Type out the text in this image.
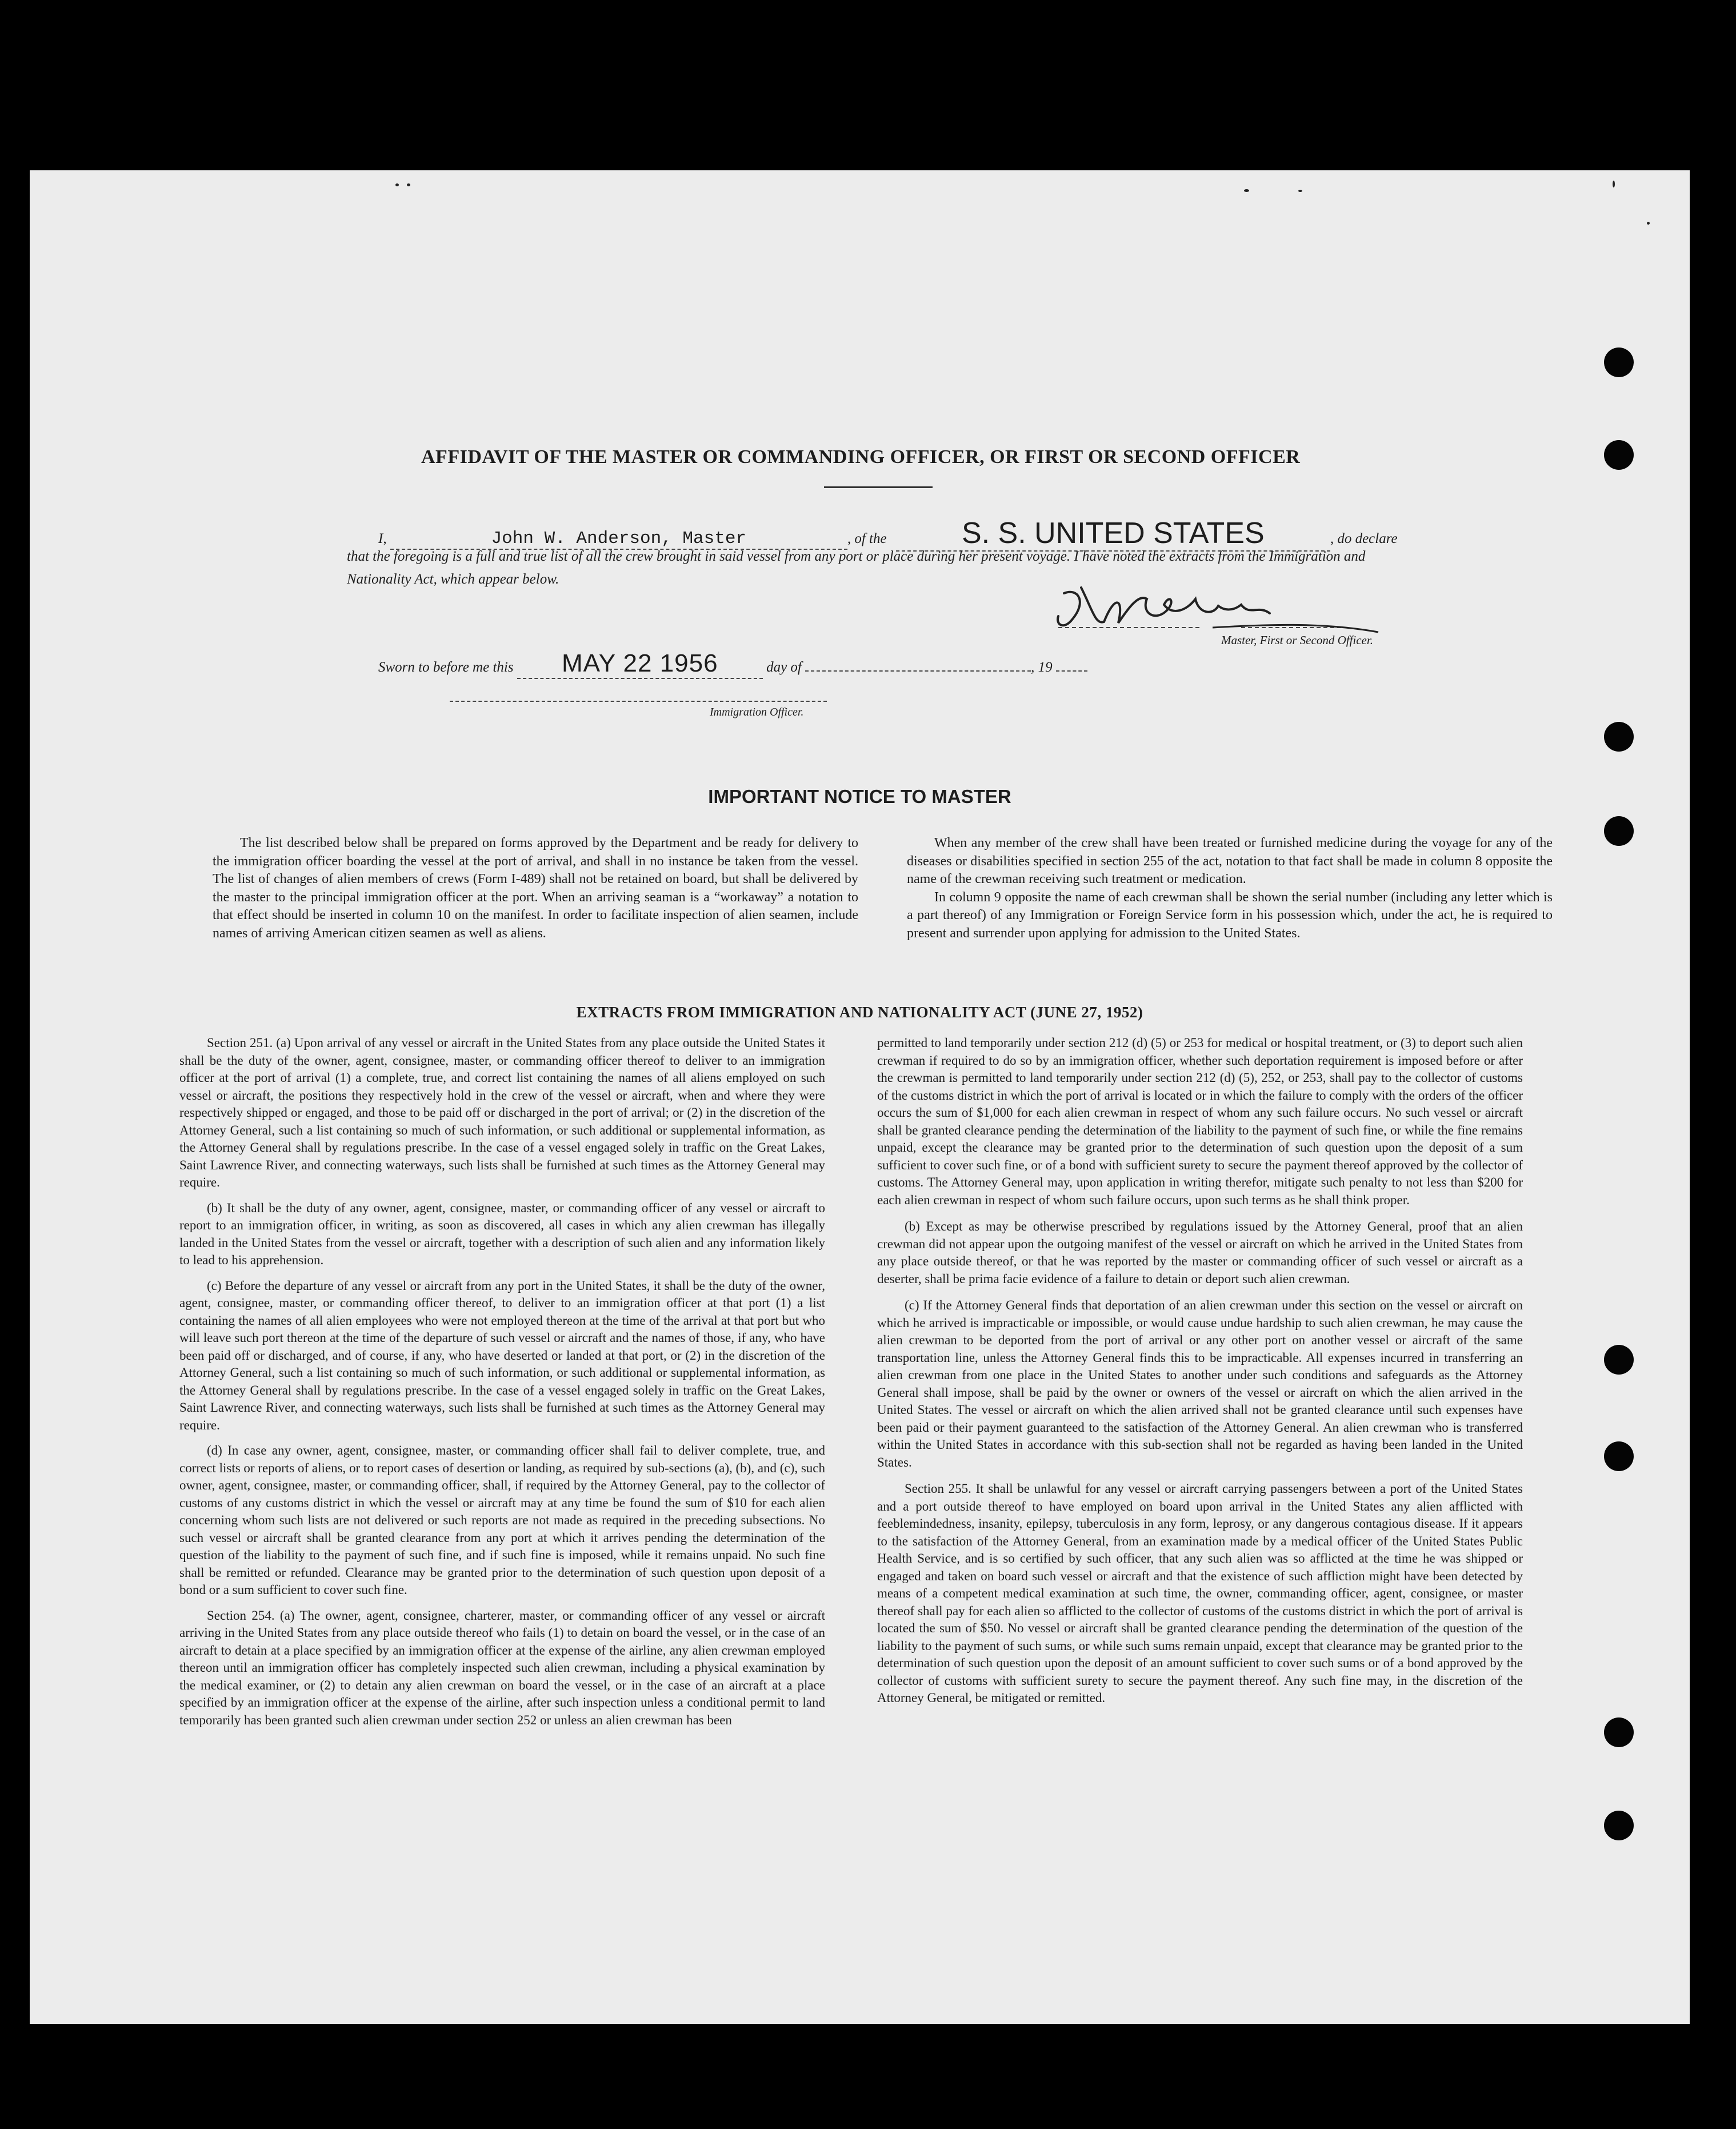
AFFIDAVIT OF THE MASTER OR COMMANDING OFFICER, OR FIRST OR SECOND OFFICER
I,	John W. Anderson, Master	, of the	S. S. UNITED STATES	, do declare
that the foregoing is a full and true list of all the crew brought in said vessel from any port or place during her present voyage. I have noted the extracts from the Immigration and Nationality Act, which appear below.
Master, First or Second Officer.
Sworn to before me this MAY 22 1956	day of	, 19
Immigration Officer.
IMPORTANT NOTICE TO MASTER

The list described below shall be prepared on forms approved by the Department and be ready for delivery to the immigration officer boarding the vessel at the port of arrival, and shall in no instance be taken from the vessel. The list of changes of alien members of crews (Form I-489) shall not be retained on board, but shall be delivered by the master to the principal immigration officer at the port. When an arriving seaman is a “workaway” a notation to that effect should be inserted in column 10 on the manifest. In order to facilitate inspection of alien seamen, include names of arriving American citizen seamen as well as aliens.

When any member of the crew shall have been treated or furnished medicine during the voyage for any of the diseases or disabilities specified in section 255 of the act, notation to that fact shall be made in column 8 opposite the name of the crewman receiving such treatment or medication.

In column 9 opposite the name of each crewman shall be shown the serial number (including any letter which is a part thereof) of any Immigration or Foreign Service form in his possession which, under the act, he is required to present and surrender upon applying for admission to the United States.

EXTRACTS FROM IMMIGRATION AND NATIONALITY ACT (JUNE 27, 1952)

Section 251. (a) Upon arrival of any vessel or aircraft in the United States from any place outside the United States it shall be the duty of the owner, agent, consignee, master, or commanding officer thereof to deliver to an immigration officer at the port of arrival (1) a complete, true, and correct list containing the names of all aliens employed on such vessel or aircraft, the positions they respectively hold in the crew of the vessel or aircraft, when and where they were respectively shipped or engaged, and those to be paid off or discharged in the port of arrival; or (2) in the discretion of the Attorney General, such a list containing so much of such information, or such additional or supplemental information, as the Attorney General shall by regulations prescribe. In the case of a vessel engaged solely in traffic on the Great Lakes, Saint Lawrence River, and connecting waterways, such lists shall be furnished at such times as the Attorney General may require.

(b) It shall be the duty of any owner, agent, consignee, master, or commanding officer of any vessel or aircraft to report to an immigration officer, in writing, as soon as discovered, all cases in which any alien crewman has illegally landed in the United States from the vessel or aircraft, together with a description of such alien and any information likely to lead to his apprehension.

(c) Before the departure of any vessel or aircraft from any port in the United States, it shall be the duty of the owner, agent, consignee, master, or commanding officer thereof, to deliver to an immigration officer at that port (1) a list containing the names of all alien employees who were not employed thereon at the time of the arrival at that port but who will leave such port thereon at the time of the departure of such vessel or aircraft and the names of those, if any, who have been paid off or discharged, and of course, if any, who have deserted or landed at that port, or (2) in the discretion of the Attorney General, such a list containing so much of such information, or such additional or supplemental information, as the Attorney General shall by regulations prescribe. In the case of a vessel engaged solely in traffic on the Great Lakes, Saint Lawrence River, and connecting waterways, such lists shall be furnished at such times as the Attorney General may require.

(d) In case any owner, agent, consignee, master, or commanding officer shall fail to deliver complete, true, and correct lists or reports of aliens, or to report cases of desertion or landing, as required by sub-sections (a), (b), and (c), such owner, agent, consignee, master, or commanding officer, shall, if required by the Attorney General, pay to the collector of customs of any customs district in which the vessel or aircraft may at any time be found the sum of $10 for each alien concerning whom such lists are not delivered or such reports are not made as required in the preceding subsections. No such vessel or aircraft shall be granted clearance from any port at which it arrives pending the determination of the question of the liability to the payment of such fine, and if such fine is imposed, while it remains unpaid. No such fine shall be remitted or refunded. Clearance may be granted prior to the determination of such question upon deposit of a bond or a sum sufficient to cover such fine.

Section 254. (a) The owner, agent, consignee, charterer, master, or commanding officer of any vessel or aircraft arriving in the United States from any place outside thereof who fails (1) to detain on board the vessel, or in the case of an aircraft to detain at a place specified by an immigration officer at the expense of the airline, any alien crewman employed thereon until an immigration officer has completely inspected such alien crewman, including a physical examination by the medical examiner, or (2) to detain any alien crewman on board the vessel, or in the case of an aircraft at a place specified by an immigration officer at the expense of the airline, after such inspection unless a conditional permit to land temporarily has been granted such alien crewman under section 252 or unless an alien crewman has been

permitted to land temporarily under section 212 (d) (5) or 253 for medical or hospital treatment, or (3) to deport such alien crewman if required to do so by an immigration officer, whether such deportation requirement is imposed before or after the crewman is permitted to land temporarily under section 212 (d) (5), 252, or 253, shall pay to the collector of customs of the customs district in which the port of arrival is located or in which the failure to comply with the orders of the officer occurs the sum of $1,000 for each alien crewman in respect of whom any such failure occurs. No such vessel or aircraft shall be granted clearance pending the determination of the liability to the payment of such fine, or while the fine remains unpaid, except the clearance may be granted prior to the determination of such question upon the deposit of a sum sufficient to cover such fine, or of a bond with sufficient surety to secure the payment thereof approved by the collector of customs. The Attorney General may, upon application in writing therefor, mitigate such penalty to not less than $200 for each alien crewman in respect of whom such failure occurs, upon such terms as he shall think proper.

(b) Except as may be otherwise prescribed by regulations issued by the Attorney General, proof that an alien crewman did not appear upon the outgoing manifest of the vessel or aircraft on which he arrived in the United States from any place outside thereof, or that he was reported by the master or commanding officer of such vessel or aircraft as a deserter, shall be prima facie evidence of a failure to detain or deport such alien crewman.

(c) If the Attorney General finds that deportation of an alien crewman under this section on the vessel or aircraft on which he arrived is impracticable or impossible, or would cause undue hardship to such alien crewman, he may cause the alien crewman to be deported from the port of arrival or any other port on another vessel or aircraft of the same transportation line, unless the Attorney General finds this to be impracticable. All expenses incurred in transferring an alien crewman from one place in the United States to another under such conditions and safeguards as the Attorney General shall impose, shall be paid by the owner or owners of the vessel or aircraft on which the alien arrived in the United States. The vessel or aircraft on which the alien arrived shall not be granted clearance until such expenses have been paid or their payment guaranteed to the satisfaction of the Attorney General. An alien crewman who is transferred within the United States in accordance with this sub-section shall not be regarded as having been landed in the United States.

Section 255. It shall be unlawful for any vessel or aircraft carrying passengers between a port of the United States and a port outside thereof to have employed on board upon arrival in the United States any alien afflicted with feeblemindedness, insanity, epilepsy, tuberculosis in any form, leprosy, or any dangerous contagious disease. If it appears to the satisfaction of the Attorney General, from an examination made by a medical officer of the United States Public Health Service, and is so certified by such officer, that any such alien was so afflicted at the time he was shipped or engaged and taken on board such vessel or aircraft and that the existence of such affliction might have been detected by means of a competent medical examination at such time, the owner, commanding officer, agent, consignee, or master thereof shall pay for each alien so afflicted to the collector of customs of the customs district in which the port of arrival is located the sum of $50. No vessel or aircraft shall be granted clearance pending the determination of the question of the liability to the payment of such sums, or while such sums remain unpaid, except that clearance may be granted prior to the determination of such question upon the deposit of an amount sufficient to cover such sums or of a bond approved by the collector of customs with sufficient surety to secure the payment thereof. Any such fine may, in the discretion of the Attorney General, be mitigated or remitted.
